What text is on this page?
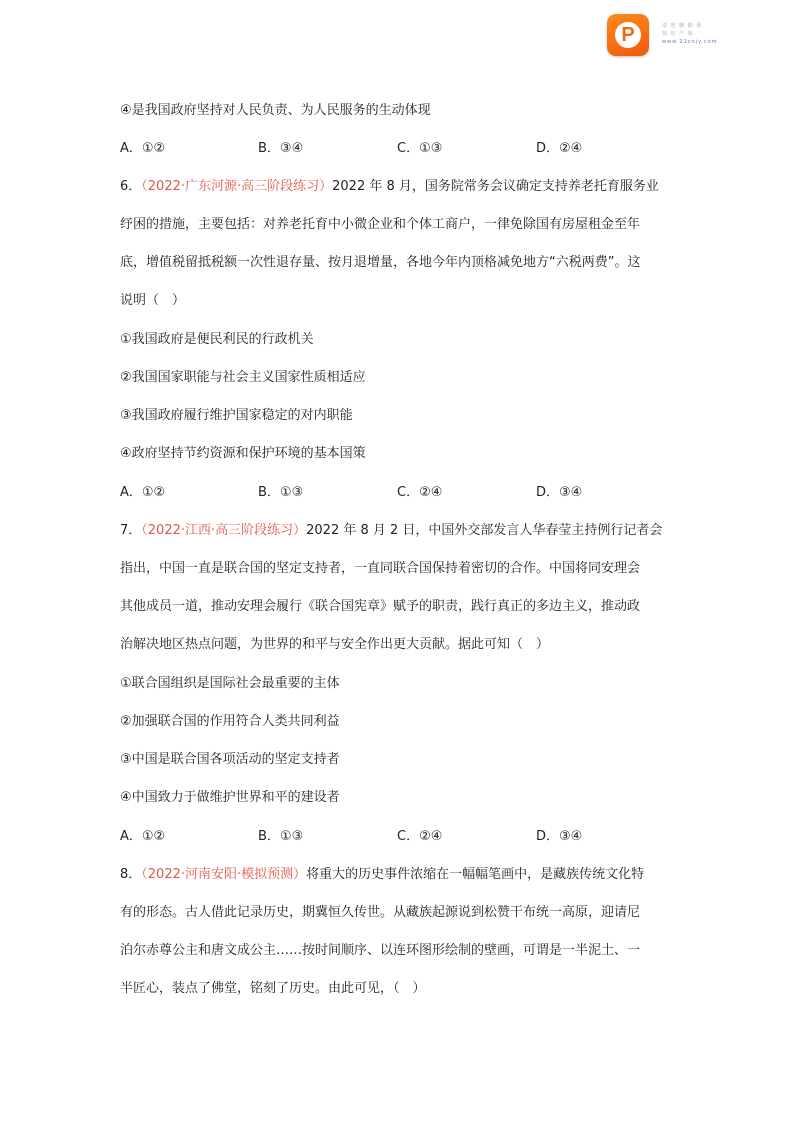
P	请 您 删 除 我
知 识 产 权
www.21cnjy.com
④是我国政府坚持对人民负责、为人民服务的生动体现
A．①②	B．③④	C．①③	D．②④
6．（2022·广东河源·高三阶段练习）2022 年 8 月，国务院常务会议确定支持养老托育服务业
纾困的措施，主要包括：对养老托育中小微企业和个体工商户，一律免除国有房屋租金至年
底，增值税留抵税额一次性退存量、按月退增量，各地今年内顶格减免地方“六税两费”。这
说明（　）
①我国政府是便民利民的行政机关
②我国国家职能与社会主义国家性质相适应
③我国政府履行维护国家稳定的对内职能
④政府坚持节约资源和保护环境的基本国策
A．①②	B．①③	C．②④	D．③④
7．（2022·江西·高三阶段练习）2022 年 8 月 2 日，中国外交部发言人华春莹主持例行记者会
指出，中国一直是联合国的坚定支持者，一直同联合国保持着密切的合作。中国将同安理会
其他成员一道，推动安理会履行《联合国宪章》赋予的职责，践行真正的多边主义，推动政
治解决地区热点问题，为世界的和平与安全作出更大贡献。据此可知（　）
①联合国组织是国际社会最重要的主体
②加强联合国的作用符合人类共同利益
③中国是联合国各项活动的坚定支持者
④中国致力于做维护世界和平的建设者
A．①②	B．①③	C．②④	D．③④
8．（2022·河南安阳·模拟预测）将重大的历史事件浓缩在一幅幅笔画中，是藏族传统文化特
有的形态。古人借此记录历史，期冀恒久传世。从藏族起源说到松赞干布统一高原，迎请尼
泊尔赤尊公主和唐文成公主……按时间顺序、以连环图形绘制的壁画，可谓是一半泥土、一
半匠心，装点了佛堂，铭刻了历史。由此可见，（　）
